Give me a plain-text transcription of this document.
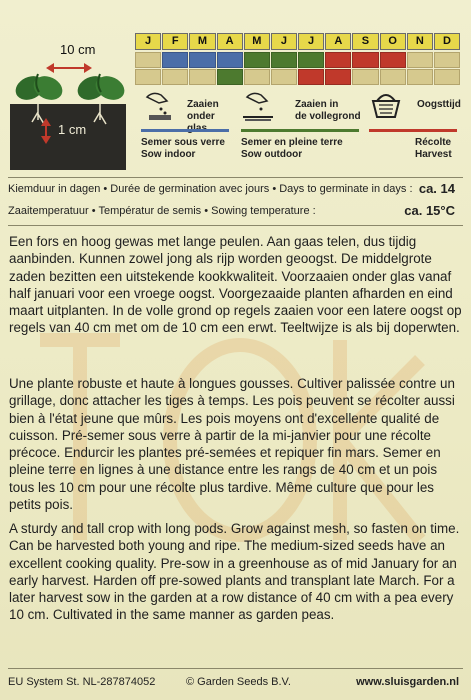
10 cm
1 cm
J	F	M	A	M	J	J	A	S	O	N	D
Zaaien
onder
Semer sous verre
Sow indoor
Zaaien in
de vollegrond
Semer en pleine terre
Sow outdoor
Oogsttijd
Récolte
Harvest
Kiemduur in dagen • Durée de germination avec jours • Days to germinate in days : ca. 14
Zaaitemperatuur • Températur de semis • Sowing temperature :	ca. 15°C
Een fors en hoog gewas met lange peulen. Aan gaas telen, dus tijdig aanbinden. Kunnen zowel jong als rijp worden geoogst. De middelgrote zaden bezitten een uitstekende kookkwaliteit. Voorzaaien onder glas vanaf half januari voor een vroege oogst. Voorgezaaide planten afharden en eind maart uitplanten. In de volle grond op regels zaaien voor een latere oogst op regels van 40 cm met om de 10 cm een erwt. Teeltwijze is als bij doperwten.
Une plante robuste et haute à longues gousses. Cultiver palissée contre un grillage, donc attacher les tiges à temps. Les pois peuvent se récolter aussi bien à l'état jeune que mûrs. Les pois moyens ont d'excellente qualité de cuisson. Pré-semer sous verre à partir de la mi-janvier pour une récolte précoce. Endurcir les plantes pré-semées et repiquer fin mars. Semer en pleine terre en lignes à une distance entre les rangs de 40 cm et un pois tous les 10 cm pour une récolte plus tardive. Même culture que pour les petits pois.
A sturdy and tall crop with long pods. Grow against mesh, so fasten on time. Can be harvested both young and ripe. The medium-sized seeds have an excellent cooking quality. Pre-sow in a greenhouse as of mid January for an early harvest. Harden off pre-sowed plants and transplant late March. For a later harvest sow in the garden at a row distance of 40 cm with a pea every 10 cm. Cultivated in the same manner as garden peas.
EU System St. NL-287874052	© Garden Seeds B.V.	www.sluisgarden.nl
